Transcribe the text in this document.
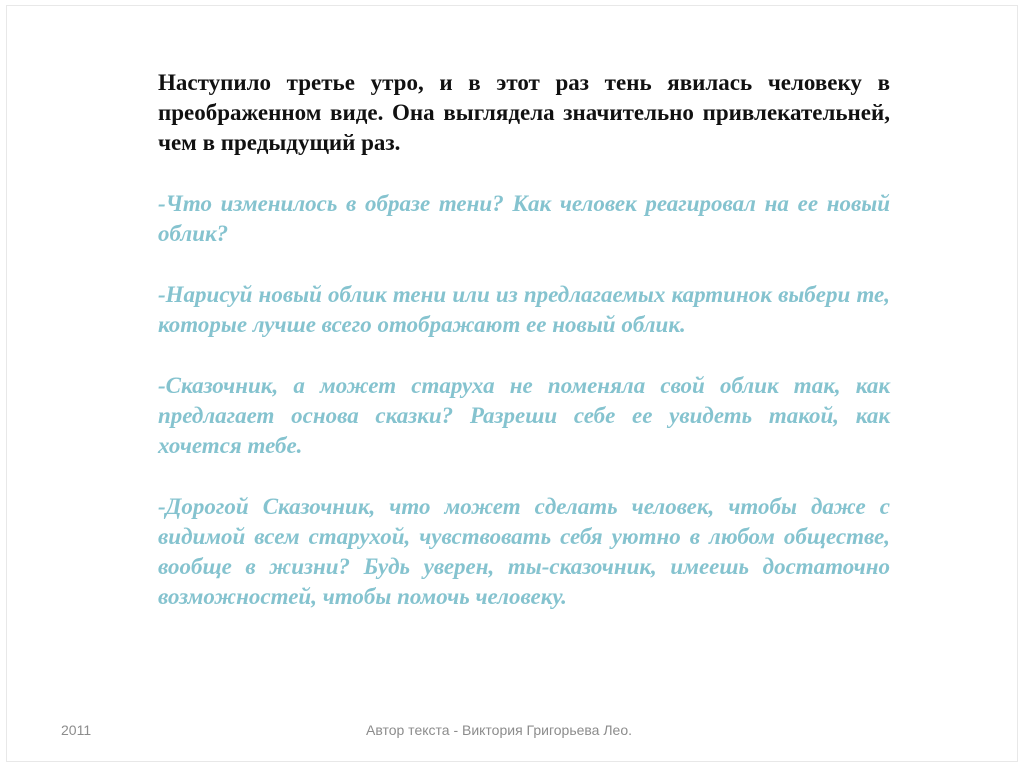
Наступило третье утро, и в этот раз тень явилась человеку в преображенном виде. Она выглядела значительно привлекательней, чем в предыдущий раз.

-Что изменилось в образе тени? Как человек реагировал на ее новый облик?

-Нарисуй новый облик тени или из предлагаемых картинок выбери те, которые лучше всего отображают ее новый облик.

-Сказочник, а может старуха не поменяла свой облик так, как предлагает основа сказки? Разреши себе ее увидеть такой, как хочется тебе.

-Дорогой Сказочник, что может сделать человек, чтобы даже с видимой всем старухой, чувствовать себя уютно в любом обществе, вообще в жизни? Будь уверен, ты-сказочник, имеешь достаточно возможностей, чтобы помочь человеку.

2011	Автор текста - Виктория Григорьева Лео.
